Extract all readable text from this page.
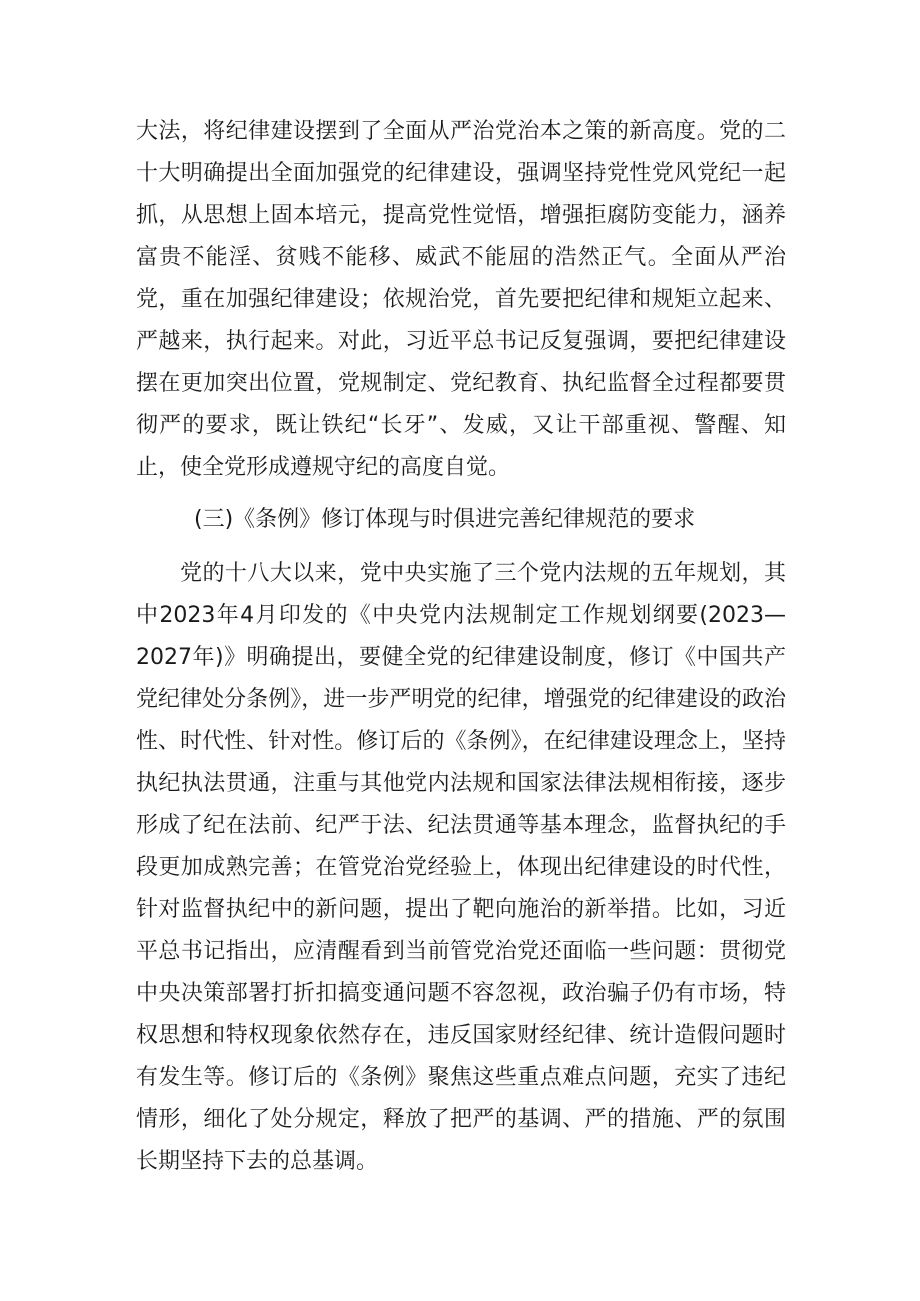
大法，将纪律建设摆到了全面从严治党治本之策的新高度。党的二十大明确提出全面加强党的纪律建设，强调坚持党性党风党纪一起抓，从思想上固本培元，提高党性觉悟，增强拒腐防变能力，涵养富贵不能淫、贫贱不能移、威武不能屈的浩然正气。全面从严治党，重在加强纪律建设；依规治党，首先要把纪律和规矩立起来、严越来，执行起来。对此，习近平总书记反复强调，要把纪律建设摆在更加突出位置，党规制定、党纪教育、执纪监督全过程都要贯彻严的要求，既让铁纪“长牙”、发威，又让干部重视、警醒、知止，使全党形成遵规守纪的高度自觉。

(三)《条例》修订体现与时俱进完善纪律规范的要求

党的十八大以来，党中央实施了三个党内法规的五年规划，其中2023年4月印发的《中央党内法规制定工作规划纲要(2023—2027年)》明确提出，要健全党的纪律建设制度，修订《中国共产党纪律处分条例》，进一步严明党的纪律，增强党的纪律建设的政治性、时代性、针对性。修订后的《条例》，在纪律建设理念上，坚持执纪执法贯通，注重与其他党内法规和国家法律法规相衔接，逐步形成了纪在法前、纪严于法、纪法贯通等基本理念，监督执纪的手段更加成熟完善；在管党治党经验上，体现出纪律建设的时代性，针对监督执纪中的新问题，提出了靶向施治的新举措。比如，习近平总书记指出，应清醒看到当前管党治党还面临一些问题：贯彻党中央决策部署打折扣搞变通问题不容忽视，政治骗子仍有市场，特权思想和特权现象依然存在，违反国家财经纪律、统计造假问题时有发生等。修订后的《条例》聚焦这些重点难点问题，充实了违纪情形，细化了处分规定，释放了把严的基调、严的措施、严的氛围长期坚持下去的总基调。
